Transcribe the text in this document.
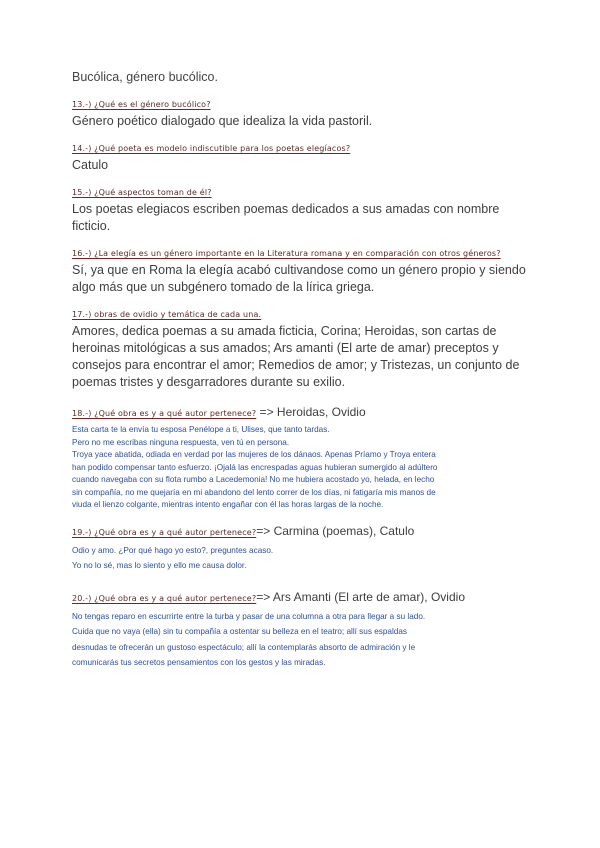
Bucólica, género bucólico.

13.-) ¿Qué es el género bucólico?

Género poético dialogado que idealiza la vida pastoril.

14.-) ¿Qué poeta es modelo indiscutible para los poetas elegíacos?

Catulo

15.-) ¿Qué aspectos toman de él?

Los poetas elegiacos escriben poemas dedicados a sus amadas con nombre ficticio.

16.-) ¿La elegía es un género importante en la Literatura romana y en comparación con otros géneros?

Sí, ya que en Roma la elegía acabó cultivandose como un género propio y siendo algo más que un subgénero tomado de la lírica griega.

17.-) obras de ovidio y temática de cada una.

Amores, dedica poemas a su amada ficticia, Corina; Heroidas, son cartas de heroinas mitológicas a sus amados; Ars amanti (El arte de amar) preceptos y consejos para encontrar el amor; Remedios de amor; y Tristezas, un conjunto de poemas tristes y desgarradores durante su exilio.

18.-) ¿Qué obra es y a qué autor pertenece? => Heroidas, Ovidio
Esta carta te la envía tu esposa Penélope a ti, Ulises, que tanto tardas.
Pero no me escribas ninguna respuesta, ven tú en persona.
Troya yace abatida, odiada en verdad por las mujeres de los dánaos. Apenas Príamo y Troya entera
han podido compensar tanto esfuerzo. ¡Ojalá las encrespadas aguas hubieran sumergido al adúltero
cuando navegaba con su flota rumbo a Lacedemonia! No me hubiera acostado yo, helada, en lecho
sin compañía, no me quejaría en mi abandono del lento correr de los días, ni fatigaría mis manos de
viuda el lienzo colgante, mientras intento engañar con él las horas largas de la noche.
19.-) ¿Qué obra es y a qué autor pertenece?=> Carmina (poemas), Catulo
Odio y amo. ¿Por qué hago yo esto?, preguntes acaso.
Yo no lo sé, mas lo siento y ello me causa dolor.
20.-) ¿Qué obra es y a qué autor pertenece?=> Ars Amanti (El arte de amar), Ovidio
No tengas reparo en escurrirte entre la turba y pasar de una columna a otra para llegar a su lado.
Cuida que no vaya (ella) sin tu compañía a ostentar su belleza en el teatro; allí sus espaldas
desnudas te ofrecerán un gustoso espectáculo; allí la contemplarás absorto de admiración y le
comunicarás tus secretos pensamientos con los gestos y las miradas.
